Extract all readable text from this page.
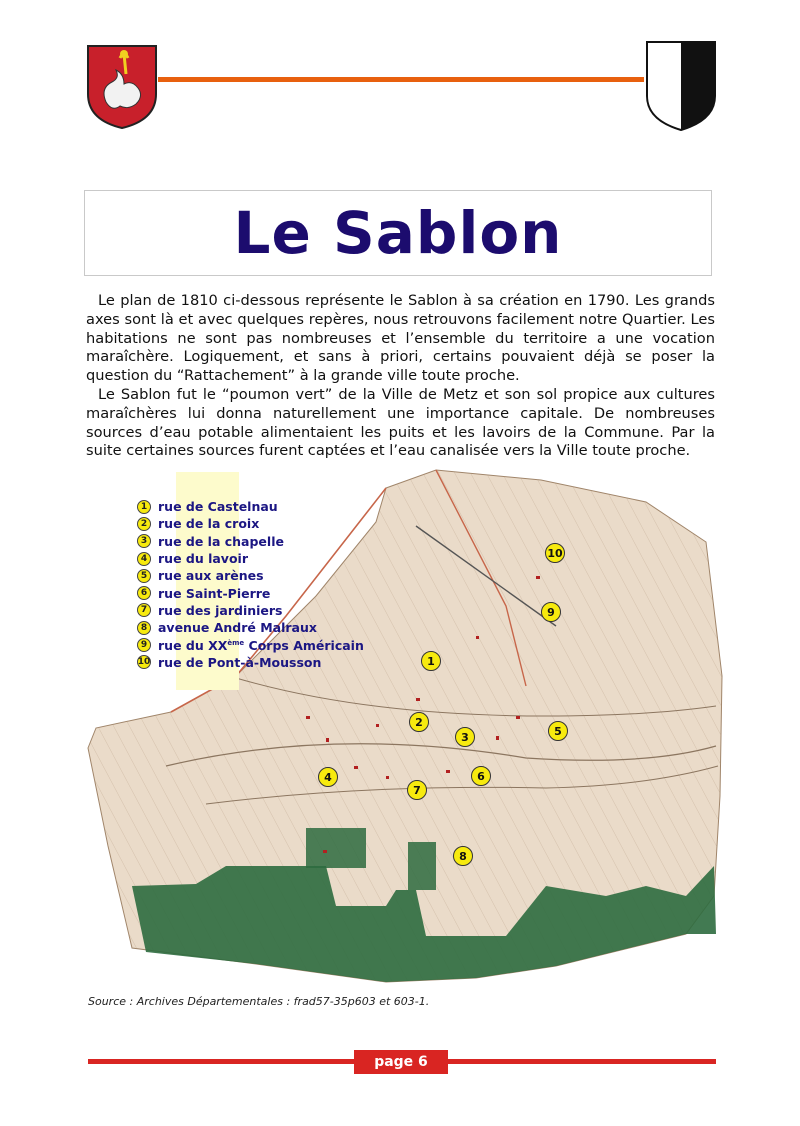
Le Sablon

Le plan de 1810 ci-dessous représente le Sablon à sa création en 1790. Les grands axes sont là et avec quelques repères, nous retrouvons facilement notre Quartier. Les habitations ne sont pas nombreuses et l’ensemble du territoire a une vocation maraîchère. Logiquement, et sans à priori, certains pouvaient déjà se poser la question du “Rattachement” à la grande ville toute proche.

Le Sablon fut le “poumon vert” de la Ville de Metz et son sol propice aux cultures maraîchères lui donna naturellement une importance capitale. De nombreuses sources d’eau potable alimentaient les puits et les lavoirs de la Commune. Par la suite certaines sources furent captées et l’eau canalisée vers la Ville toute proche.

1 rue de Castelnau
2 rue de la croix
3 rue de la chapelle
4 rue du lavoir
5 rue aux arènes
6 rue Saint-Pierre
7 rue des jardiniers
8 avenue André Malraux
9 rue du XXème Corps Américain
10 rue de Pont-à-Mousson	1
2
3
4
5
6
7
8
9
10
Source : Archives Départementales : frad57-35p603 et 603-1.
page 6
